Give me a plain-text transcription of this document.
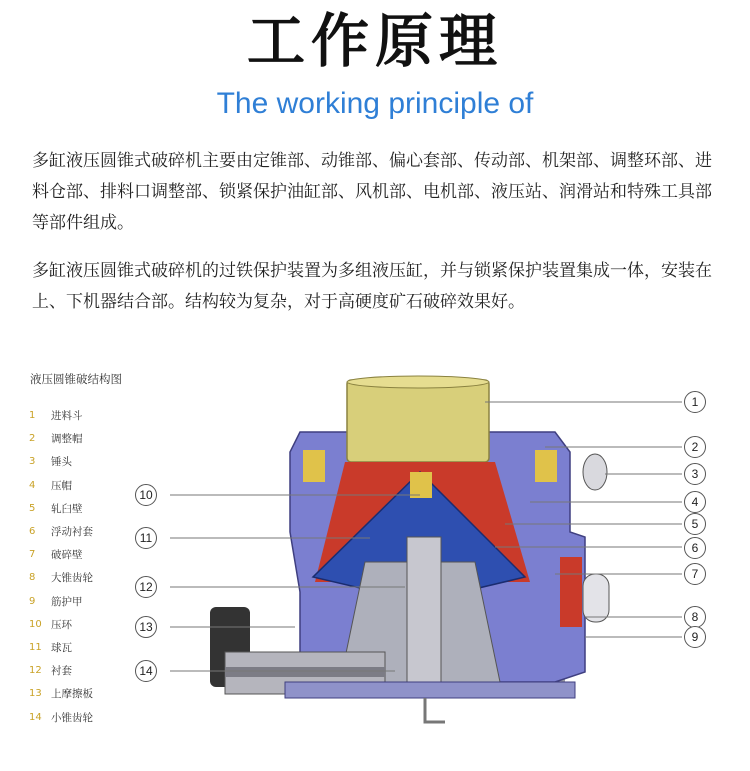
工作原理
The working principle of
多缸液压圆锥式破碎机主要由定锥部、动锥部、偏心套部、传动部、机架部、调整环部、进料仓部、排料口调整部、锁紧保护油缸部、风机部、电机部、液压站、润滑站和特殊工具部等部件组成。
多缸液压圆锥式破碎机的过铁保护装置为多组液压缸，并与锁紧保护装置集成一体，安装在上、下机器结合部。结构较为复杂，对于高硬度矿石破碎效果好。
液压圆锥破结构图
1	进料斗
2	调整帽
3	锤头
4	压帽
5	轧臼壁
6	浮动衬套
7	破碎壁
8	大锥齿轮
9	筋护甲
10 压环
11 球瓦
12 衬套
13 上摩擦板
14 小锥齿轮
1
2
3
4
5
6
7
8
9
10
11
12
13
14
